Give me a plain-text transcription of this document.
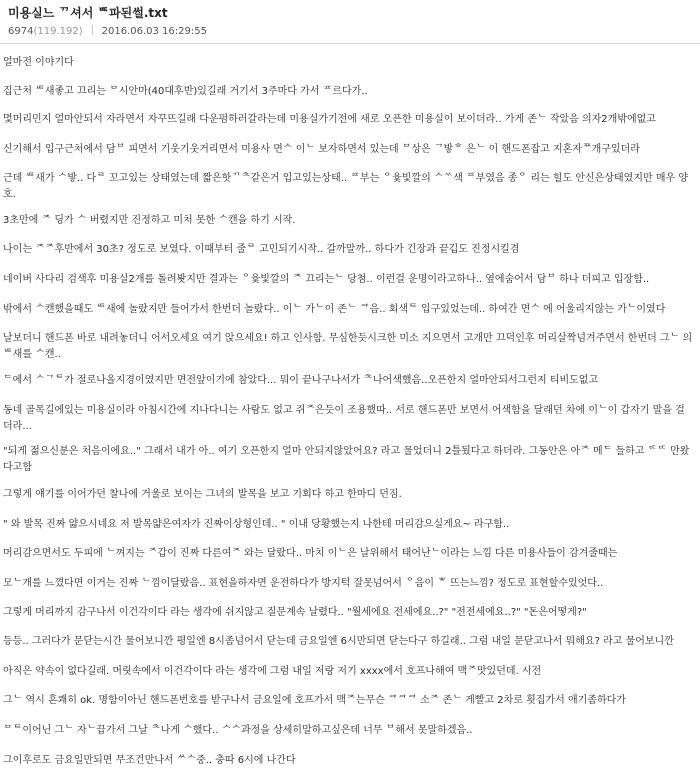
미용실느 ᄁ셔서 ᄩ파된썰.txt
6974(119.192) 2016.06.03 16:29:55
얼마전 이야기다
집근처 ᄪ새좋고 끄리는 ᄆ시안마(40대후반)있길래 거기서 3주마다 가서 ᄑ르다가..
몇머리민지 얼마안되서 자라면서 자꾸뜨길래 다운펌하러갈라는데 미용실가기전에 새로 오픈한 미용실이 보이더라.. 가게 존ᄂ 작았음 의자2개밖에없고
신기해서 입구근처에서 담ᄇ 피면서 기웃기웃거리면서 미용사 면ᄉ 이ᄂ 보자하면서 있는데 ᄆ상은 ᄀ밯ᄒ 은ᄂ 이 핸드폰잡고 지혼자ᄍ개구있더라
근데 ᄪ새가 ᄉ밯.. 다ᄅ 꼬고있는 상태였는데 짧은핫ᄁᄎ같은거 입고있는상태.. ᄑ부는 ᄋ윷빛깔의 ᄉᄿ색 ᄑ부였음 종ᄋ 리는 힐도 안신은상태였지만 매우 양호.
3초만에 ᄌ 딩가 ᄉ 버렸지만 진정하고 미처 못한 ᄉ캔을 하기 시작.
나이는 ᄌᄌ후반에서 30초? 정도로 보였다. 이때부터 줄ᄅ 고민되기시작.. 갈까말까.. 하다가 긴장과 끝깁도 진정시킬겸
네이버 사다리 검색후 미용실2개를 돌려봣지만 결과는 ᄋ윷빛깔의 ᄌ 끄리는ᄂ 당첨.. 이런걸 운명이라고하나.. 옆에숨어서 담ᄇ 하나 더피고 입장함..
밖에서 ᄉ캔했을때도 ᄪ새에 놀랐지만 들어가서 한번더 놀랐다.. 이ᄂ 가ᄂ이 존ᄂ ᄏ음.. 회색ᄐ 입구있었는데.. 하여간 면ᄉ 에 어울리지않는 가ᄂ이였다
날보더니 핸드폰 바로 내려놓더니 어서오세요 여기 앉으세요! 하고 인사함. 무심한듯시크한 미소 지으면서 고개만 끄덕인후 머리살짝넘겨주면서 한번더 그ᄂ 의 ᄪ새를 ᄉ캔..
ᄃ에서 ᄉᄀᄐ가 절로나올지경이였지만 면전앞이기에 참았다... 뭐이 끝나구나서가 ᄎ나어색했음..오픈한지 얼마안되서그런지 티비도없고
동네 골목길에있는 미용실이라 아침시간에 지나다니는 사람도 없고 쥐ᄌ은듯이 조용했따.. 서로 핸드폰만 보면서 어색함을 달래던 차에 이ᄂ이 갑자기 말을 걸더라...
"되게 젊으신분은 처음이에요.." 그래서 내가 아.. 여기 오픈한지 얼마 안되지않았어요? 라고 물었더니 2틀됬다고 하더라. 그동안은 아ᄌ 메ᄃ 들하고 ᄄᄄ 만왔다고함
그렇게 얘기를 이어가던 찰나에 거울로 보이는 그녀의 발목을 보고 기회다 하고 한마디 던짐.
" 와 발목 진짜 얇으시네요 저 발목얇은여자가 진짜이상형인데.. " 이내 당황했는지 나한테 머리감으실게요~ 라구함..
머리감으면서도 두피에 ᄂ껴지는 ᄌ갑이 진짜 다른여ᄌ 와는 달랐다.. 마치 이ᄂ은 날위해서 태어난ᄂ이라는 느낌 다른 미용사들이 감겨줄때는
모ᄂ개를 느꼈다면 이거는 진짜 ᄂ낌이달랐음.. 표현을하자면 운전하다가 방지턱 잘못넘어서 ᄋ음이 ᄬ 뜨는느낌? 정도로 표현할수있엇다..
그렇게 머리까지 감구나서 이건각이다 라는 생각에 쉬지않고 질문계속 날렸다.. "월세에요 전세에요..?" "전전세에요..?" "돈은어떻게?"
등등.. 그러다가 문닫는시간 물어보니깐 평일엔 8시좀넘어서 닫는데 금요일엔 6시만되면 닫는다구 하길래.. 그럼 내일 문닫고나서 뭐해요? 라고 물어보니깐
아직은 약속이 없다길래. 머릿속에서 이건각이다 라는 생각에 그럼 내일 저랑 저기 xxxx에서 호프나해여 맥ᄌ맛있던데. 시전
그ᄂ 역시 흔쾌히 ok. 명함이아닌 핸드폰번호를 받구나서 금요일에 호프가서 맥ᄌ는무슨 ᄏᄏᄏ 소ᄌ 존ᄂ 게빨고 2차로 횟집가서 애기좀하다가
ᄆᄐ이어닌 그ᄂ 자ᄂ끕가서 그날 ᄎ나게 ᄉ했다.. ᄉᄉ과정을 상세히말하고싶은데 너무 ᄇ해서 못말하겠음..
그이후로도 금요일만되면 무조건만나서 ᄊᄉ중.. 충따 6시에 나간다
